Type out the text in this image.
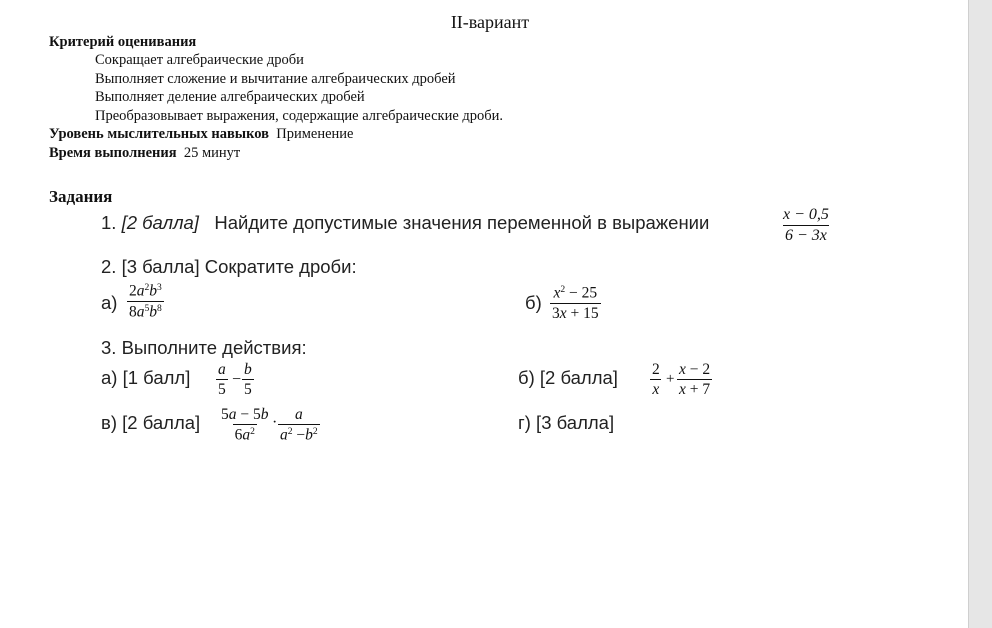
II-вариант
Критерий оценивания
Сокращает алгебраические дроби
Выполняет сложение и вычитание алгебраических дробей
Выполняет деление алгебраических дробей
Преобразовывает выражения, содержащие алгебраические дроби.
Уровень мыслительных навыков Применение
Время выполнения 25 минут
Задания
1. [2 балла] Найдите допустимые значения переменной в выражении	$\frac{x - 0,5}{6 - 3x}$
2. [3 балла] Сократите дроби:
$а) \frac{2a^2b^3}{8a^5b^8}$	$б) \frac{x^2 - 25}{3x + 15}$
3. Выполните действия:
а) [1 балл] $\frac{a}{5} - \frac{b}{5}$	б) [2 балла] $\frac{2}{x} + \frac{x - 2}{x + 7}$
в) [2 балла] $\frac{5a - 5b}{6a^2} \cdot \frac{a}{a^2 -b^2}$	г) [3 балла]
